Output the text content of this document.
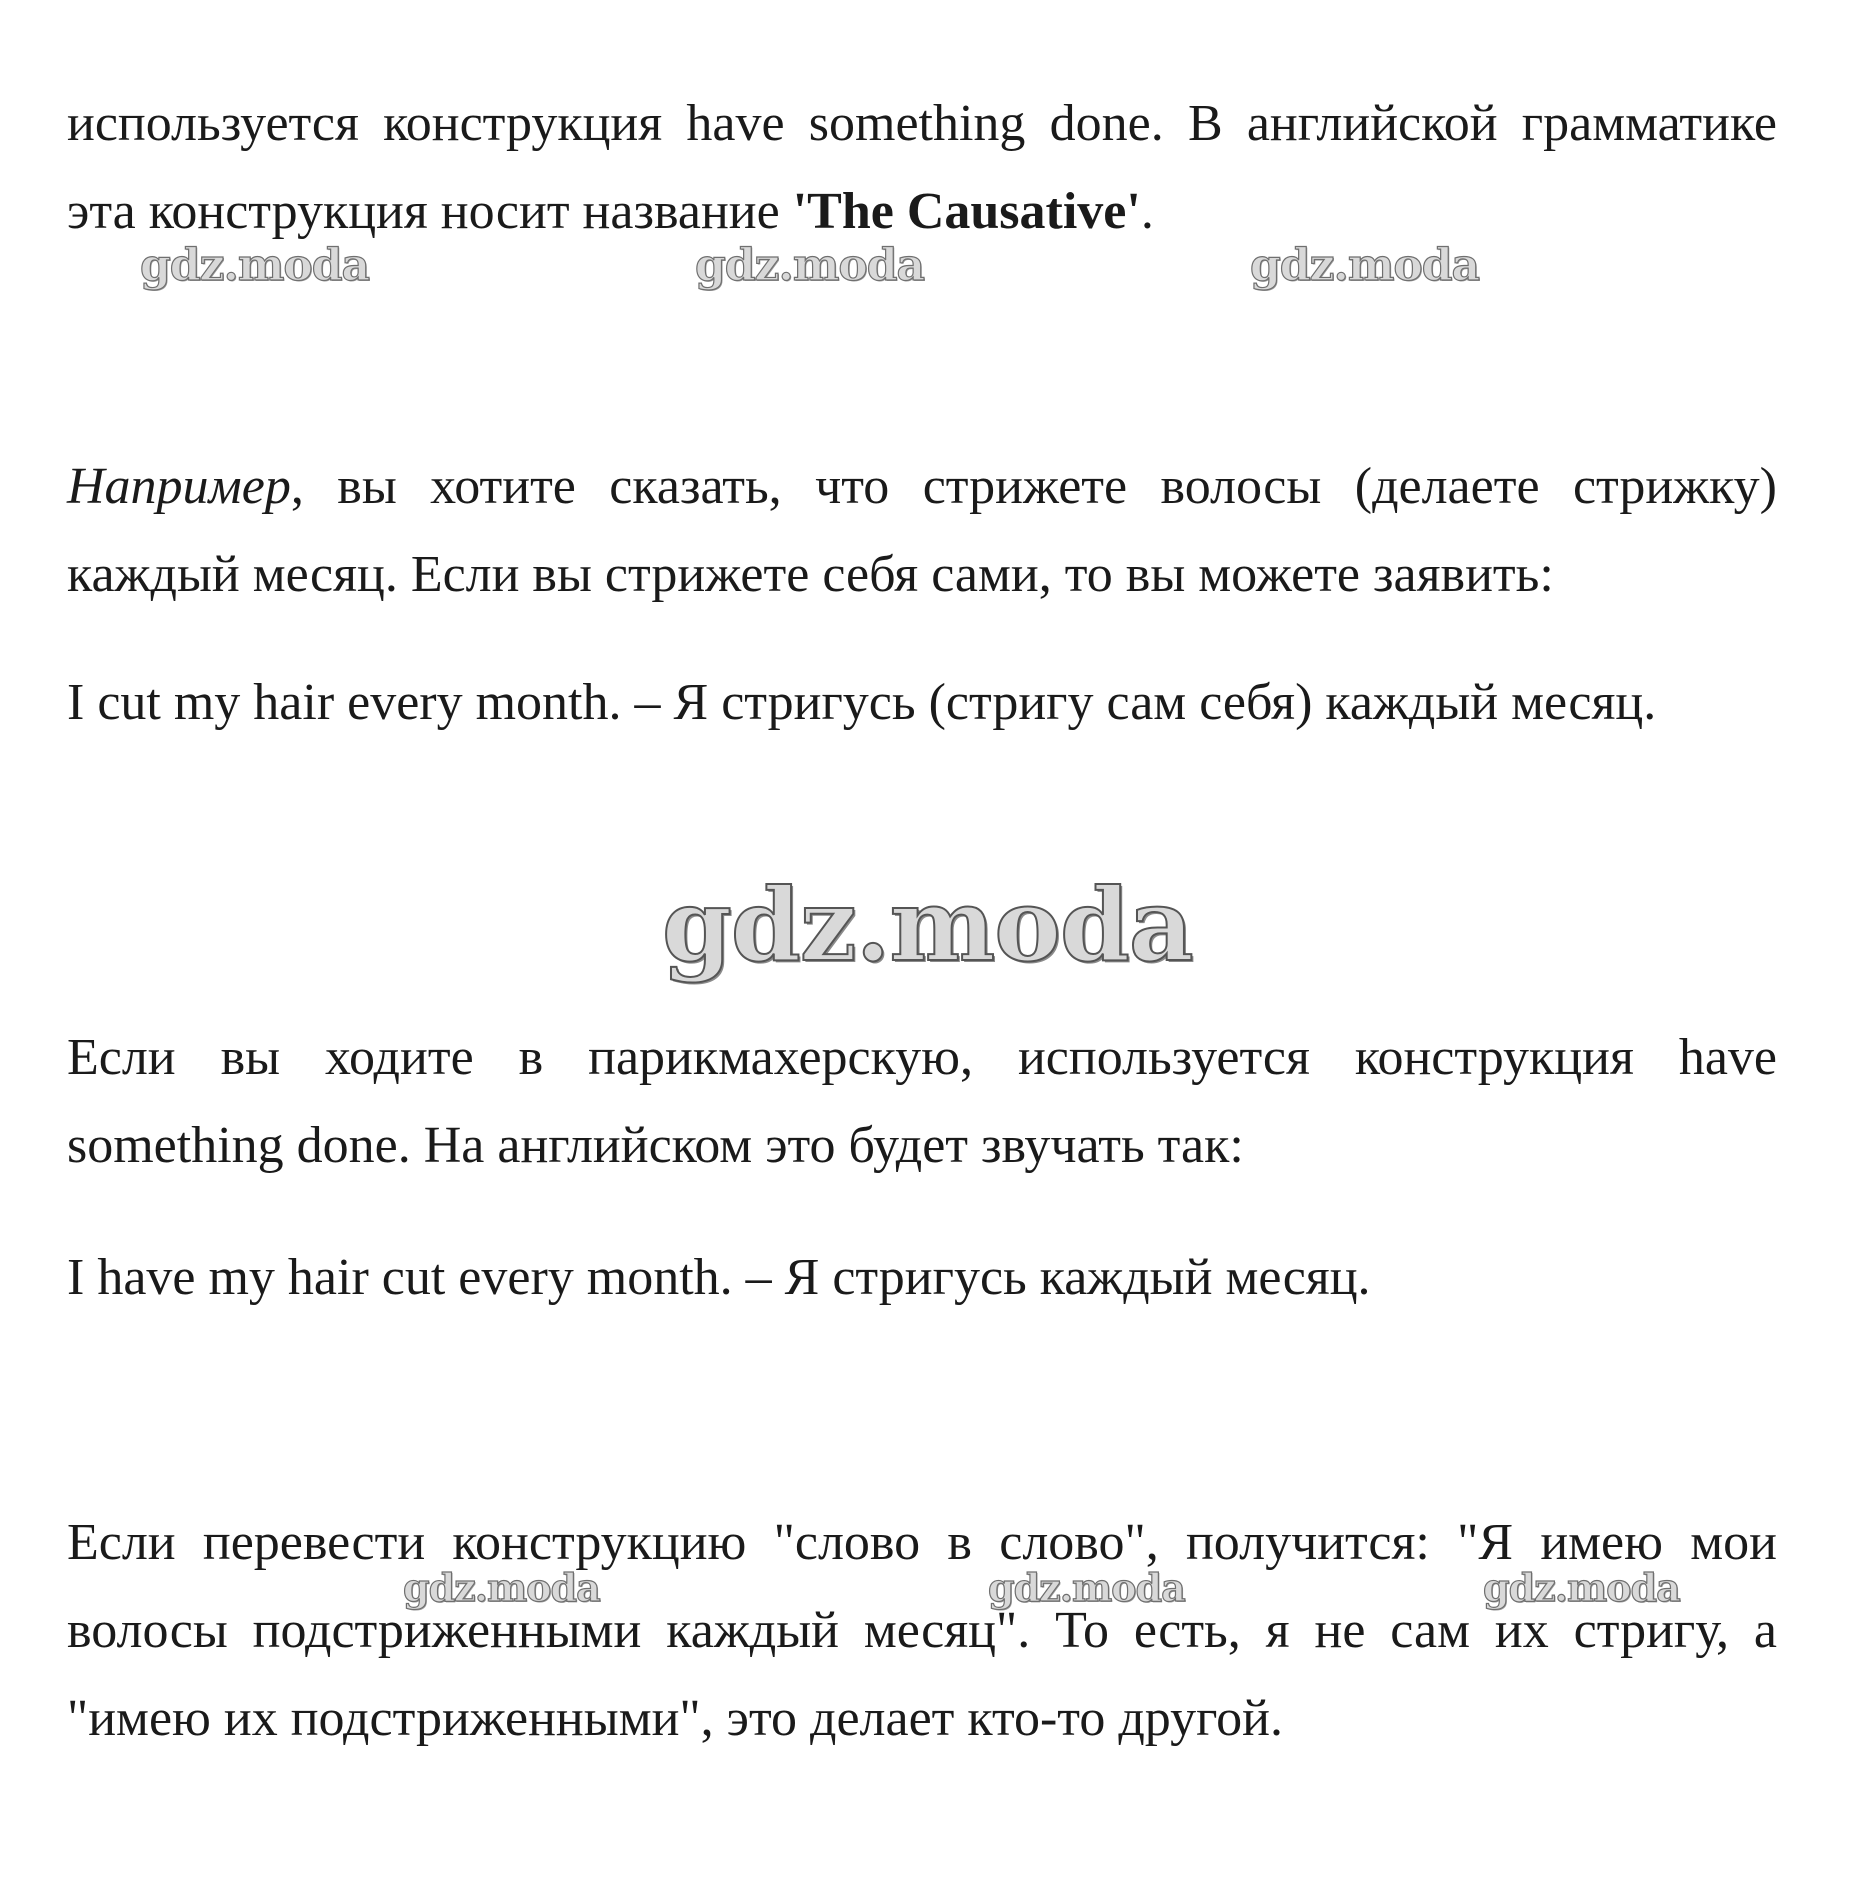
используется конструкция have something done. В английской грамматике эта конструкция носит название 'The Causative'.

Например, вы хотите сказать, что стрижете волосы (делаете стрижку) каждый месяц. Если вы стрижете себя сами, то вы можете заявить:

I cut my hair every month. – Я стригусь (стригу сам себя) каждый месяц.

Если вы ходите в парикмахерскую, используется конструкция have something done. На английском это будет звучать так:

I have my hair cut every month. – Я стригусь каждый месяц.

Если перевести конструкцию "слово в слово", получится: "Я имею мои волосы подстриженными каждый месяц". То есть, я не сам их стригу, а "имею их подстриженными", это делает кто-то другой.

gdz.moda	gdz.moda	gdz.moda
gdz.moda
gdz.moda	gdz.moda	gdz.moda
